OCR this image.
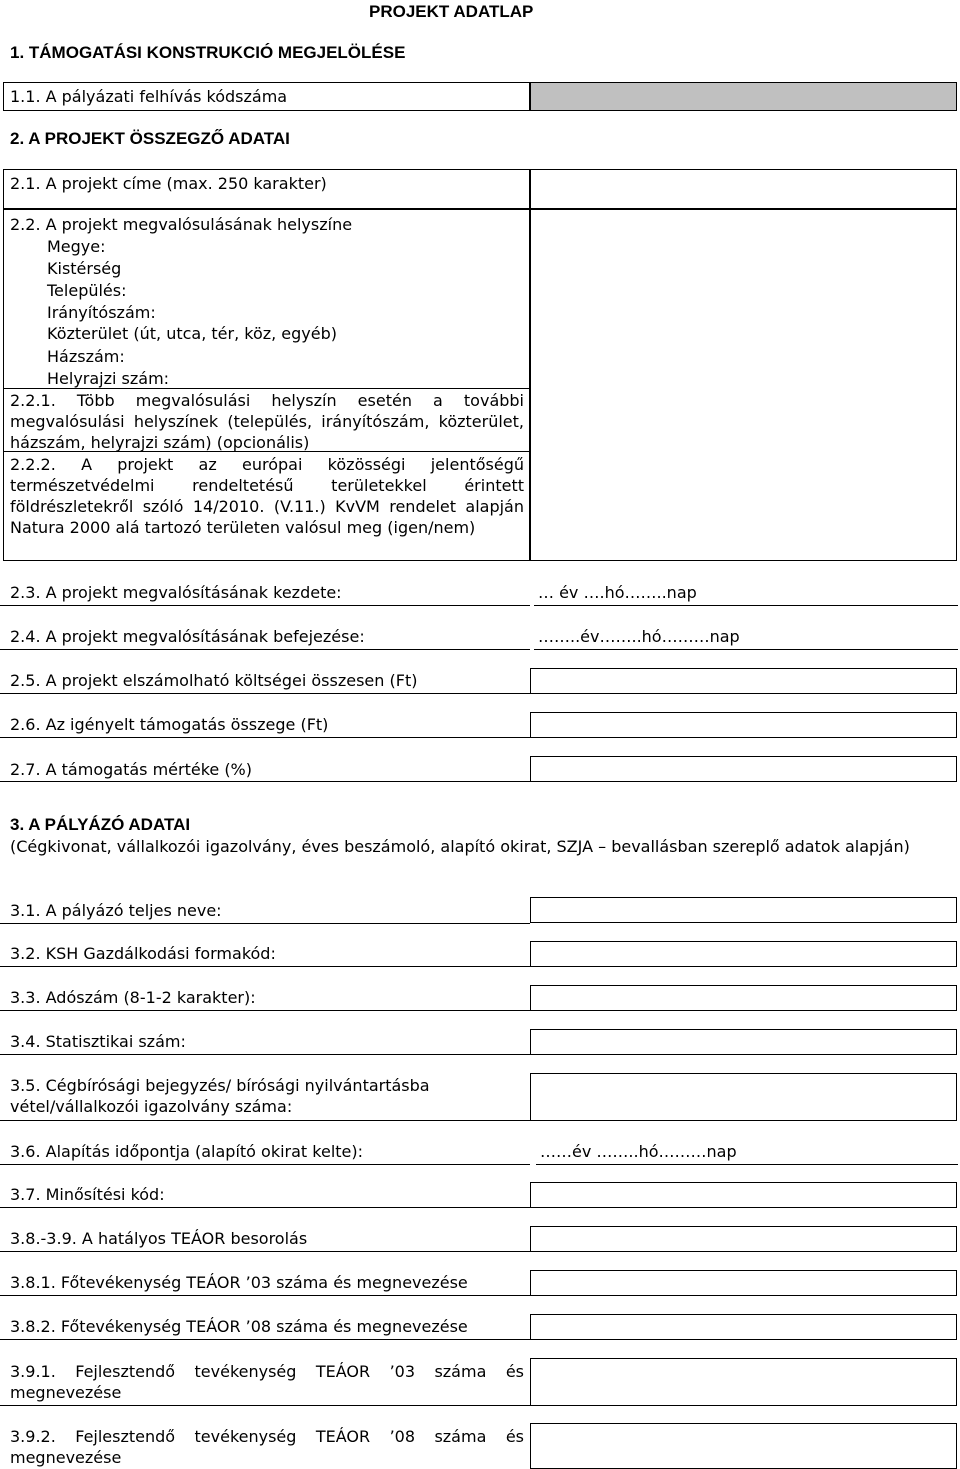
PROJEKT ADATLAP
1. TÁMOGATÁSI KONSTRUKCIÓ MEGJELÖLÉSE
1.1. A pályázati felhívás kódszáma
2. A PROJEKT ÖSSZEGZŐ ADATAI
2.1. A projekt címe (max. 250 karakter)
2.2. A projekt megvalósulásának helyszíne
Megye:
Kistérség
Település:
Irányítószám:
Közterület (út, utca, tér, köz, egyéb)
Házszám:
Helyrajzi szám:
2.2.1. Több megvalósulási helyszín esetén a további megvalósulási helyszínek (település, irányítószám, közterület, házszám, helyrajzi szám) (opcionális)
2.2.2. A projekt az európai közösségi jelentőségű természetvédelmi rendeltetésű területekkel érintett földrészletekről szóló 14/2010. (V.11.) KvVM rendelet alapján Natura 2000 alá tartozó területen valósul meg (igen/nem)
2.3. A projekt megvalósításának kezdete:	… év ….hó……..nap
2.4. A projekt megvalósításának befejezése:	……..év……..hó………nap
2.5. A projekt elszámolható költségei összesen (Ft)
2.6. Az igényelt támogatás összege (Ft)
2.7. A támogatás mértéke (%)
3. A PÁLYÁZÓ ADATAI
(Cégkivonat, vállalkozói igazolvány, éves beszámoló, alapító okirat, SZJA – bevallásban szereplő adatok alapján)
3.1. A pályázó teljes neve:
3.2. KSH Gazdálkodási formakód:
3.3. Adószám (8-1-2 karakter):
3.4. Statisztikai szám:
3.5. Cégbírósági bejegyzés/ bírósági nyilvántartásba vétel/vállalkozói igazolvány száma:
3.6. Alapítás időpontja (alapító okirat kelte):	……év ……..hó………nap
3.7. Minősítési kód:
3.8.-3.9. A hatályos TEÁOR besorolás
3.8.1. Főtevékenység TEÁOR ’03 száma és megnevezése
3.8.2. Főtevékenység TEÁOR ’08 száma és megnevezése
3.9.1. Fejlesztendő tevékenység TEÁOR ’03 száma és megnevezése
3.9.2. Fejlesztendő tevékenység TEÁOR ’08 száma és megnevezése
